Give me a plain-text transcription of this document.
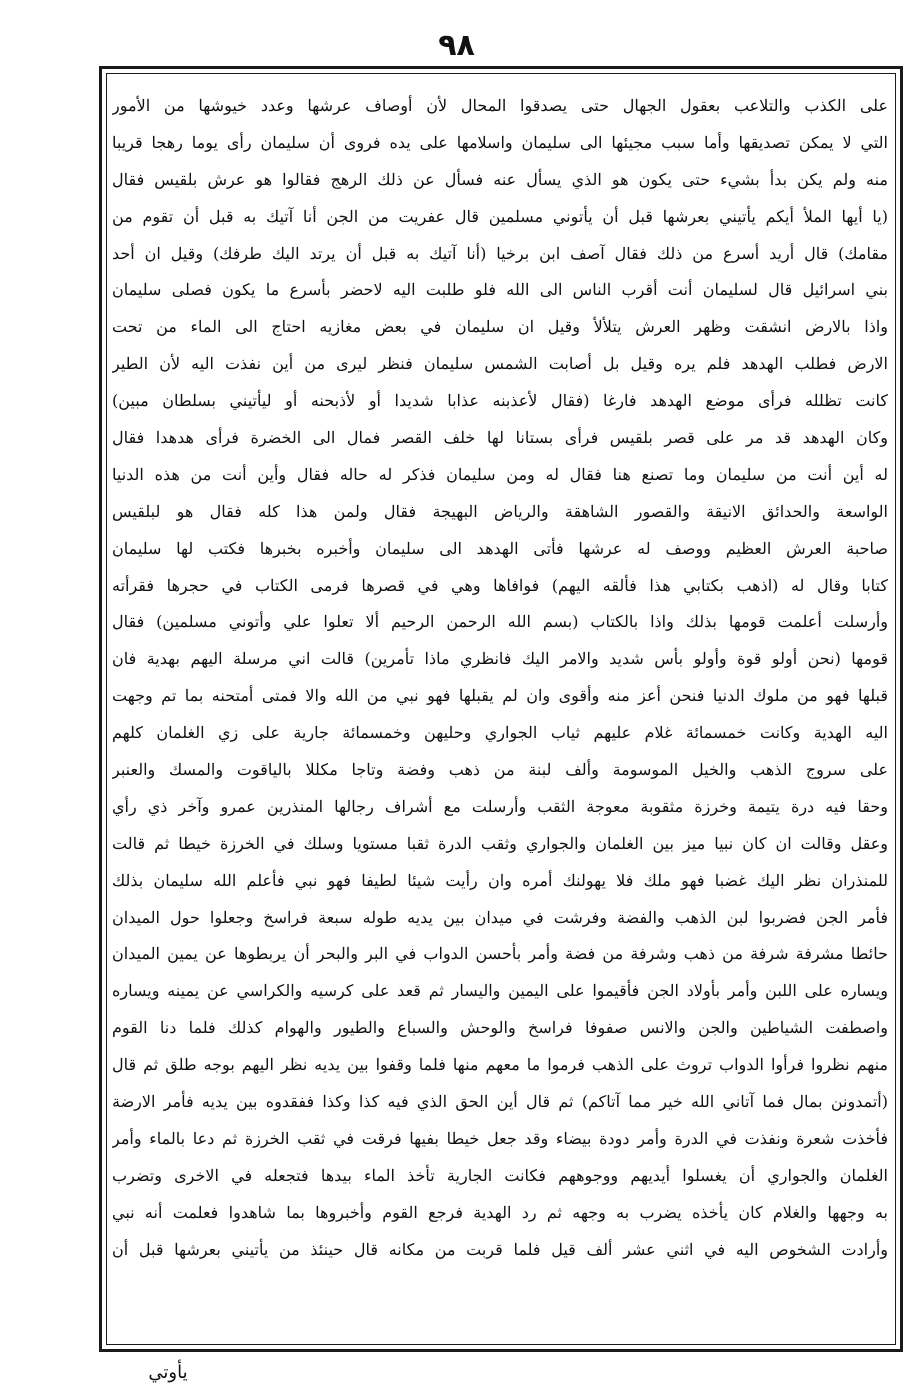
٩٨
على الكذب والتلاعب بعقول الجهال حتى يصدقوا المحال لأن أوصاف عرشها وعدد خيوشها من الأمور
التي لا يمكن تصديقها وأما سبب مجيئها الى سليمان واسلامها على يده فروى أن سليمان رأى يوما رهجا قريبا
منه ولم يكن بدأ بشيء حتى يكون هو الذي يسأل عنه فسأل عن ذلك الرهج فقالوا هو عرش بلقيس فقال
(يا أيها الملأ أيكم يأتيني بعرشها قبل أن يأتوني مسلمين قال عفريت من الجن أنا آتيك به قبل أن تقوم من
مقامك) قال أريد أسرع من ذلك فقال آصف ابن برخيا (أنا آتيك به قبل أن يرتد اليك طرفك) وقيل ان أحد
بني اسرائيل قال لسليمان أنت أقرب الناس الى الله فلو طلبت اليه لاحضر بأسرع ما يكون فصلى سليمان
واذا بالارض انشقت وظهر العرش يتلألأ وقيل ان سليمان في بعض مغازيه احتاج الى الماء من تحت
الارض فطلب الهدهد فلم يره وقيل بل أصابت الشمس سليمان فنظر ليرى من أين نفذت اليه لأن الطير
كانت تظلله فرأى موضع الهدهد فارغا (فقال لأعذبنه عذابا شديدا أو لأذبحنه أو ليأتيني بسلطان مبين)
وكان الهدهد قد مر على قصر بلقيس فرأى بستانا لها خلف القصر فمال الى الخضرة فرأى هدهدا فقال
له أين أنت من سليمان وما تصنع هنا فقال له ومن سليمان فذكر له حاله فقال وأين أنت من هذه الدنيا
الواسعة والحدائق الانيقة والقصور الشاهقة والرياض البهيجة فقال ولمن هذا كله فقال هو لبلقيس
صاحبة العرش العظيم ووصف له عرشها فأتى الهدهد الى سليمان وأخبره بخبرها فكتب لها سليمان
كتابا وقال له (اذهب بكتابي هذا فألقه اليهم) فوافاها وهي في قصرها فرمى الكتاب في حجرها فقرأته
وأرسلت أعلمت قومها بذلك واذا بالكتاب (بسم الله الرحمن الرحيم ألا تعلوا علي وأتوني مسلمين) فقال
قومها (نحن أولو قوة وأولو بأس شديد والامر اليك فانظري ماذا تأمرين) قالت اني مرسلة اليهم بهدية فان
قبلها فهو من ملوك الدنيا فنحن أعز منه وأقوى وان لم يقبلها فهو نبي من الله والا فمتى أمتحنه بما تم وجهت
اليه الهدية وكانت خمسمائة غلام عليهم ثياب الجواري وحليهن وخمسمائة جارية على زي الغلمان كلهم
على سروج الذهب والخيل الموسومة وألف لبنة من ذهب وفضة وتاجا مكللا بالياقوت والمسك والعنبر
وحقا فيه درة يتيمة وخرزة مثقوبة معوجة الثقب وأرسلت مع أشراف رجالها المنذرين عمرو وآخر ذي رأي
وعقل وقالت ان كان نبيا ميز بين الغلمان والجواري وثقب الدرة ثقبا مستويا وسلك في الخرزة خيطا ثم قالت
للمنذران نظر اليك غضبا فهو ملك فلا يهولنك أمره وان رأيت شيئا لطيفا فهو نبي فأعلم الله سليمان بذلك
فأمر الجن فضربوا لبن الذهب والفضة وفرشت في ميدان بين يديه طوله سبعة فراسخ وجعلوا حول الميدان
حائطا مشرفة شرفة من ذهب وشرفة من فضة وأمر بأحسن الدواب في البر والبحر أن يربطوها عن يمين الميدان
ويساره على اللبن وأمر بأولاد الجن فأقيموا على اليمين واليسار ثم قعد على كرسيه والكراسي عن يمينه ويساره
واصطفت الشياطين والجن والانس صفوفا فراسخ والوحش والسباع والطيور والهوام كذلك فلما دنا القوم
منهم نظروا فرأوا الدواب تروث على الذهب فرموا ما معهم منها فلما وقفوا بين يديه نظر اليهم بوجه طلق ثم قال
(أتمدونن بمال فما آتاني الله خير مما آتاكم) ثم قال أين الحق الذي فيه كذا وكذا ففقدوه بين يديه فأمر الارضة
فأخذت شعرة ونفذت في الدرة وأمر دودة بيضاء وقد جعل خيطا بفيها فرقت في ثقب الخرزة ثم دعا بالماء وأمر
الغلمان والجواري أن يغسلوا أيديهم ووجوههم فكانت الجارية تأخذ الماء بيدها فتجعله في الاخرى وتضرب
به وجهها والغلام كان يأخذه يضرب به وجهه ثم رد الهدية فرجع القوم وأخبروها بما شاهدوا فعلمت أنه نبي
وأرادت الشخوص اليه في اثني عشر ألف قيل فلما قربت من مكانه قال حينئذ من يأتيني بعرشها قبل أن
يأوتي
